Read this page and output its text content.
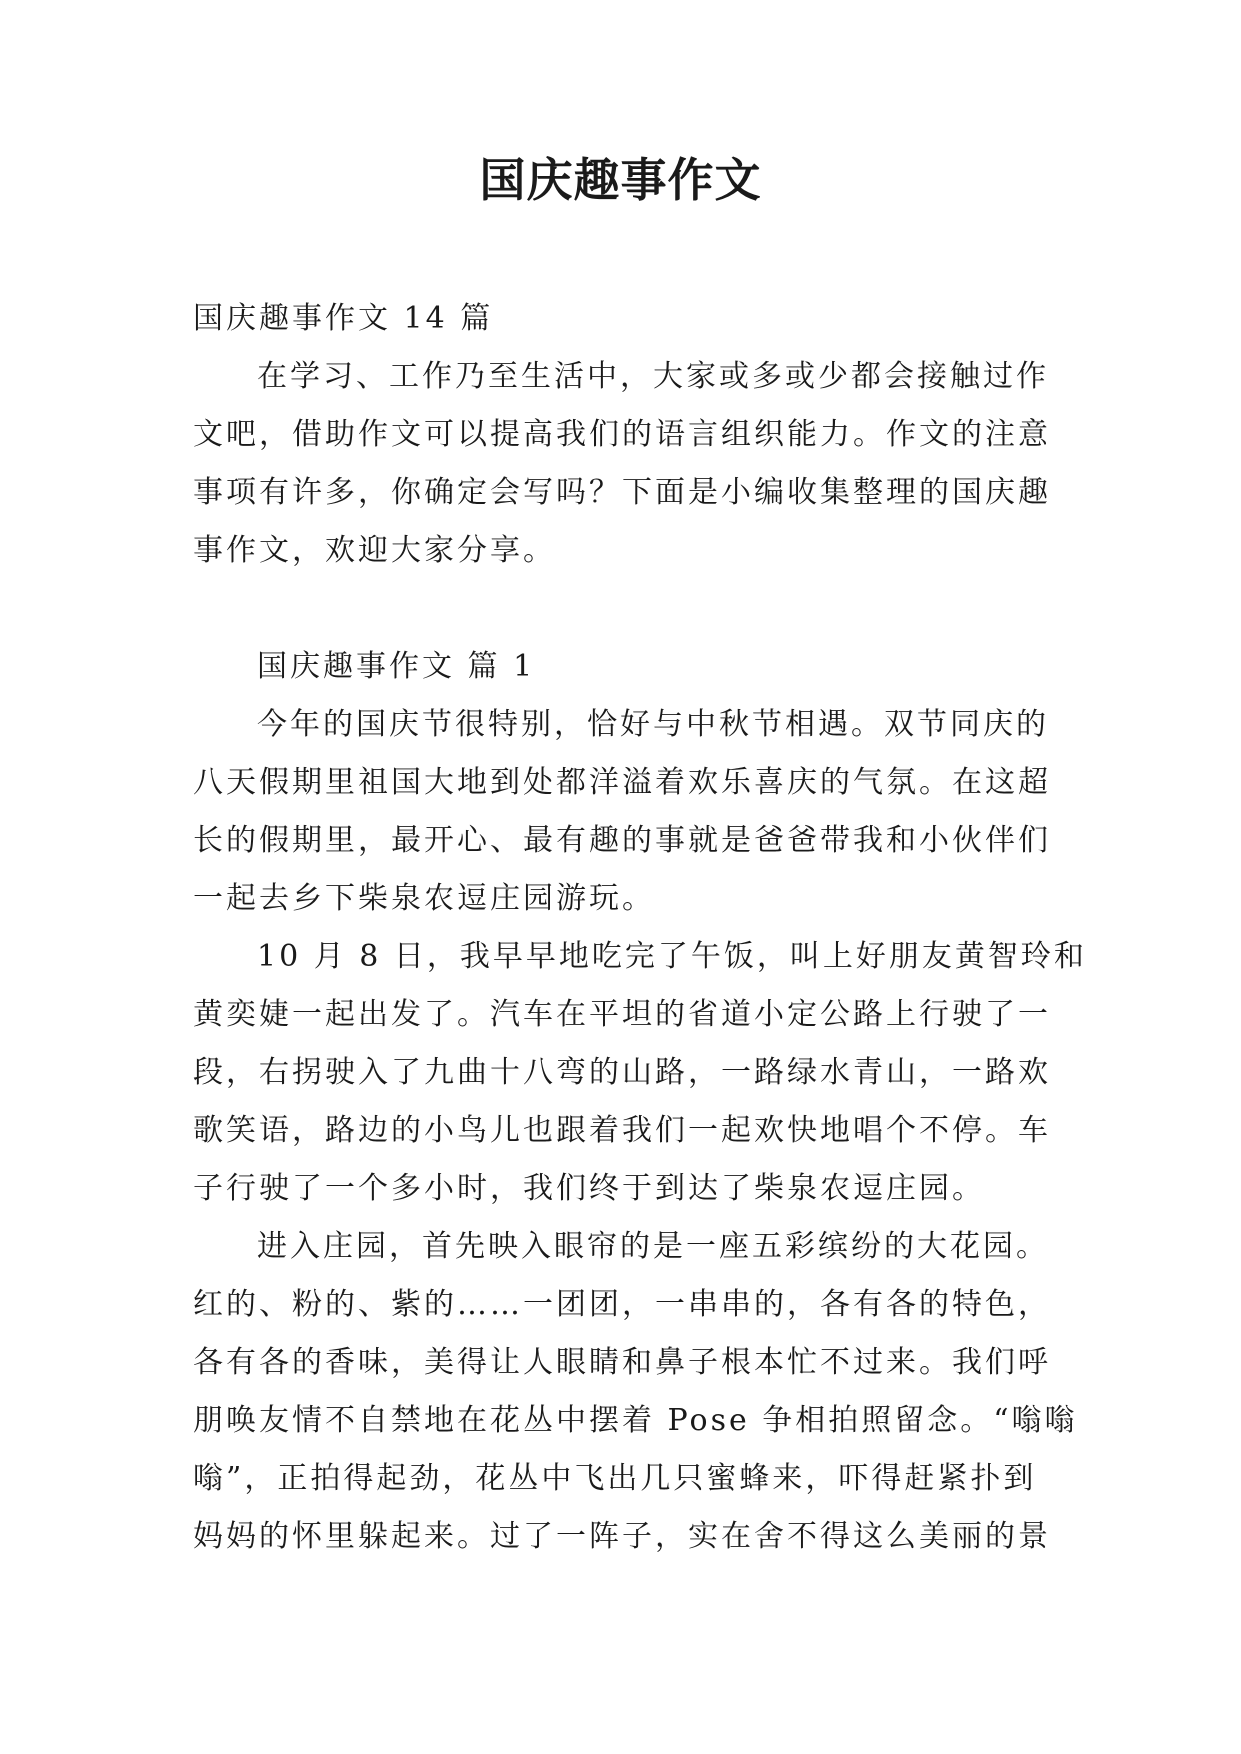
国庆趣事作文
国庆趣事作文 14 篇
在学习、工作乃至生活中，大家或多或少都会接触过作
文吧，借助作文可以提高我们的语言组织能力。作文的注意
事项有许多，你确定会写吗？下面是小编收集整理的国庆趣
事作文，欢迎大家分享。
国庆趣事作文 篇 1
今年的国庆节很特别，恰好与中秋节相遇。双节同庆的
八天假期里祖国大地到处都洋溢着欢乐喜庆的气氛。在这超
长的假期里，最开心、最有趣的事就是爸爸带我和小伙伴们
一起去乡下柴泉农逗庄园游玩。
10 月 8 日，我早早地吃完了午饭，叫上好朋友黄智玲和
黄奕婕一起出发了。汽车在平坦的省道小定公路上行驶了一
段，右拐驶入了九曲十八弯的山路，一路绿水青山，一路欢
歌笑语，路边的小鸟儿也跟着我们一起欢快地唱个不停。车
子行驶了一个多小时，我们终于到达了柴泉农逗庄园。
进入庄园，首先映入眼帘的是一座五彩缤纷的大花园。
红的、粉的、紫的……一团团，一串串的，各有各的特色，
各有各的香味，美得让人眼睛和鼻子根本忙不过来。我们呼
朋唤友情不自禁地在花丛中摆着 Pose 争相拍照留念。“嗡嗡
嗡”，正拍得起劲，花丛中飞出几只蜜蜂来，吓得赶紧扑到
妈妈的怀里躲起来。过了一阵子，实在舍不得这么美丽的景
